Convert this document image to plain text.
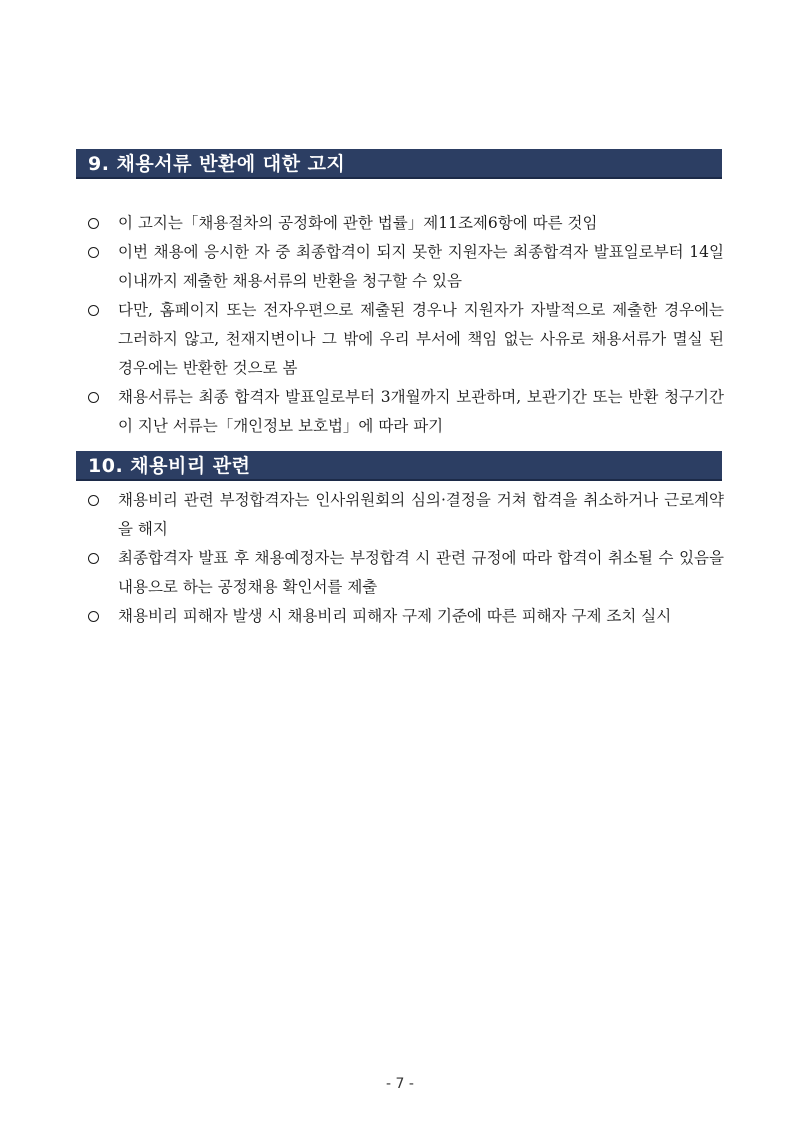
9. 채용서류 반환에 대한 고지
이 고지는「채용절차의 공정화에 관한 법률」제11조제6항에 따른 것임
이번 채용에 응시한 자 중 최종합격이 되지 못한 지원자는 최종합격자 발표일로부터 14일 이내까지 제출한 채용서류의 반환을 청구할 수 있음
다만, 홈페이지 또는 전자우편으로 제출된 경우나 지원자가 자발적으로 제출한 경우에는 그러하지 않고, 천재지변이나 그 밖에 우리 부서에 책임 없는 사유로 채용서류가 멸실 된 경우에는 반환한 것으로 봄
채용서류는 최종 합격자 발표일로부터 3개월까지 보관하며, 보관기간 또는 반환 청구기간이 지난 서류는「개인정보 보호법」에 따라 파기
10. 채용비리 관련
채용비리 관련 부정합격자는 인사위원회의 심의·결정을 거쳐 합격을 취소하거나 근로계약을 해지
최종합격자 발표 후 채용예정자는 부정합격 시 관련 규정에 따라 합격이 취소될 수 있음을 내용으로 하는 공정채용 확인서를 제출
채용비리 피해자 발생 시 채용비리 피해자 구제 기준에 따른 피해자 구제 조치 실시
- 7 -
